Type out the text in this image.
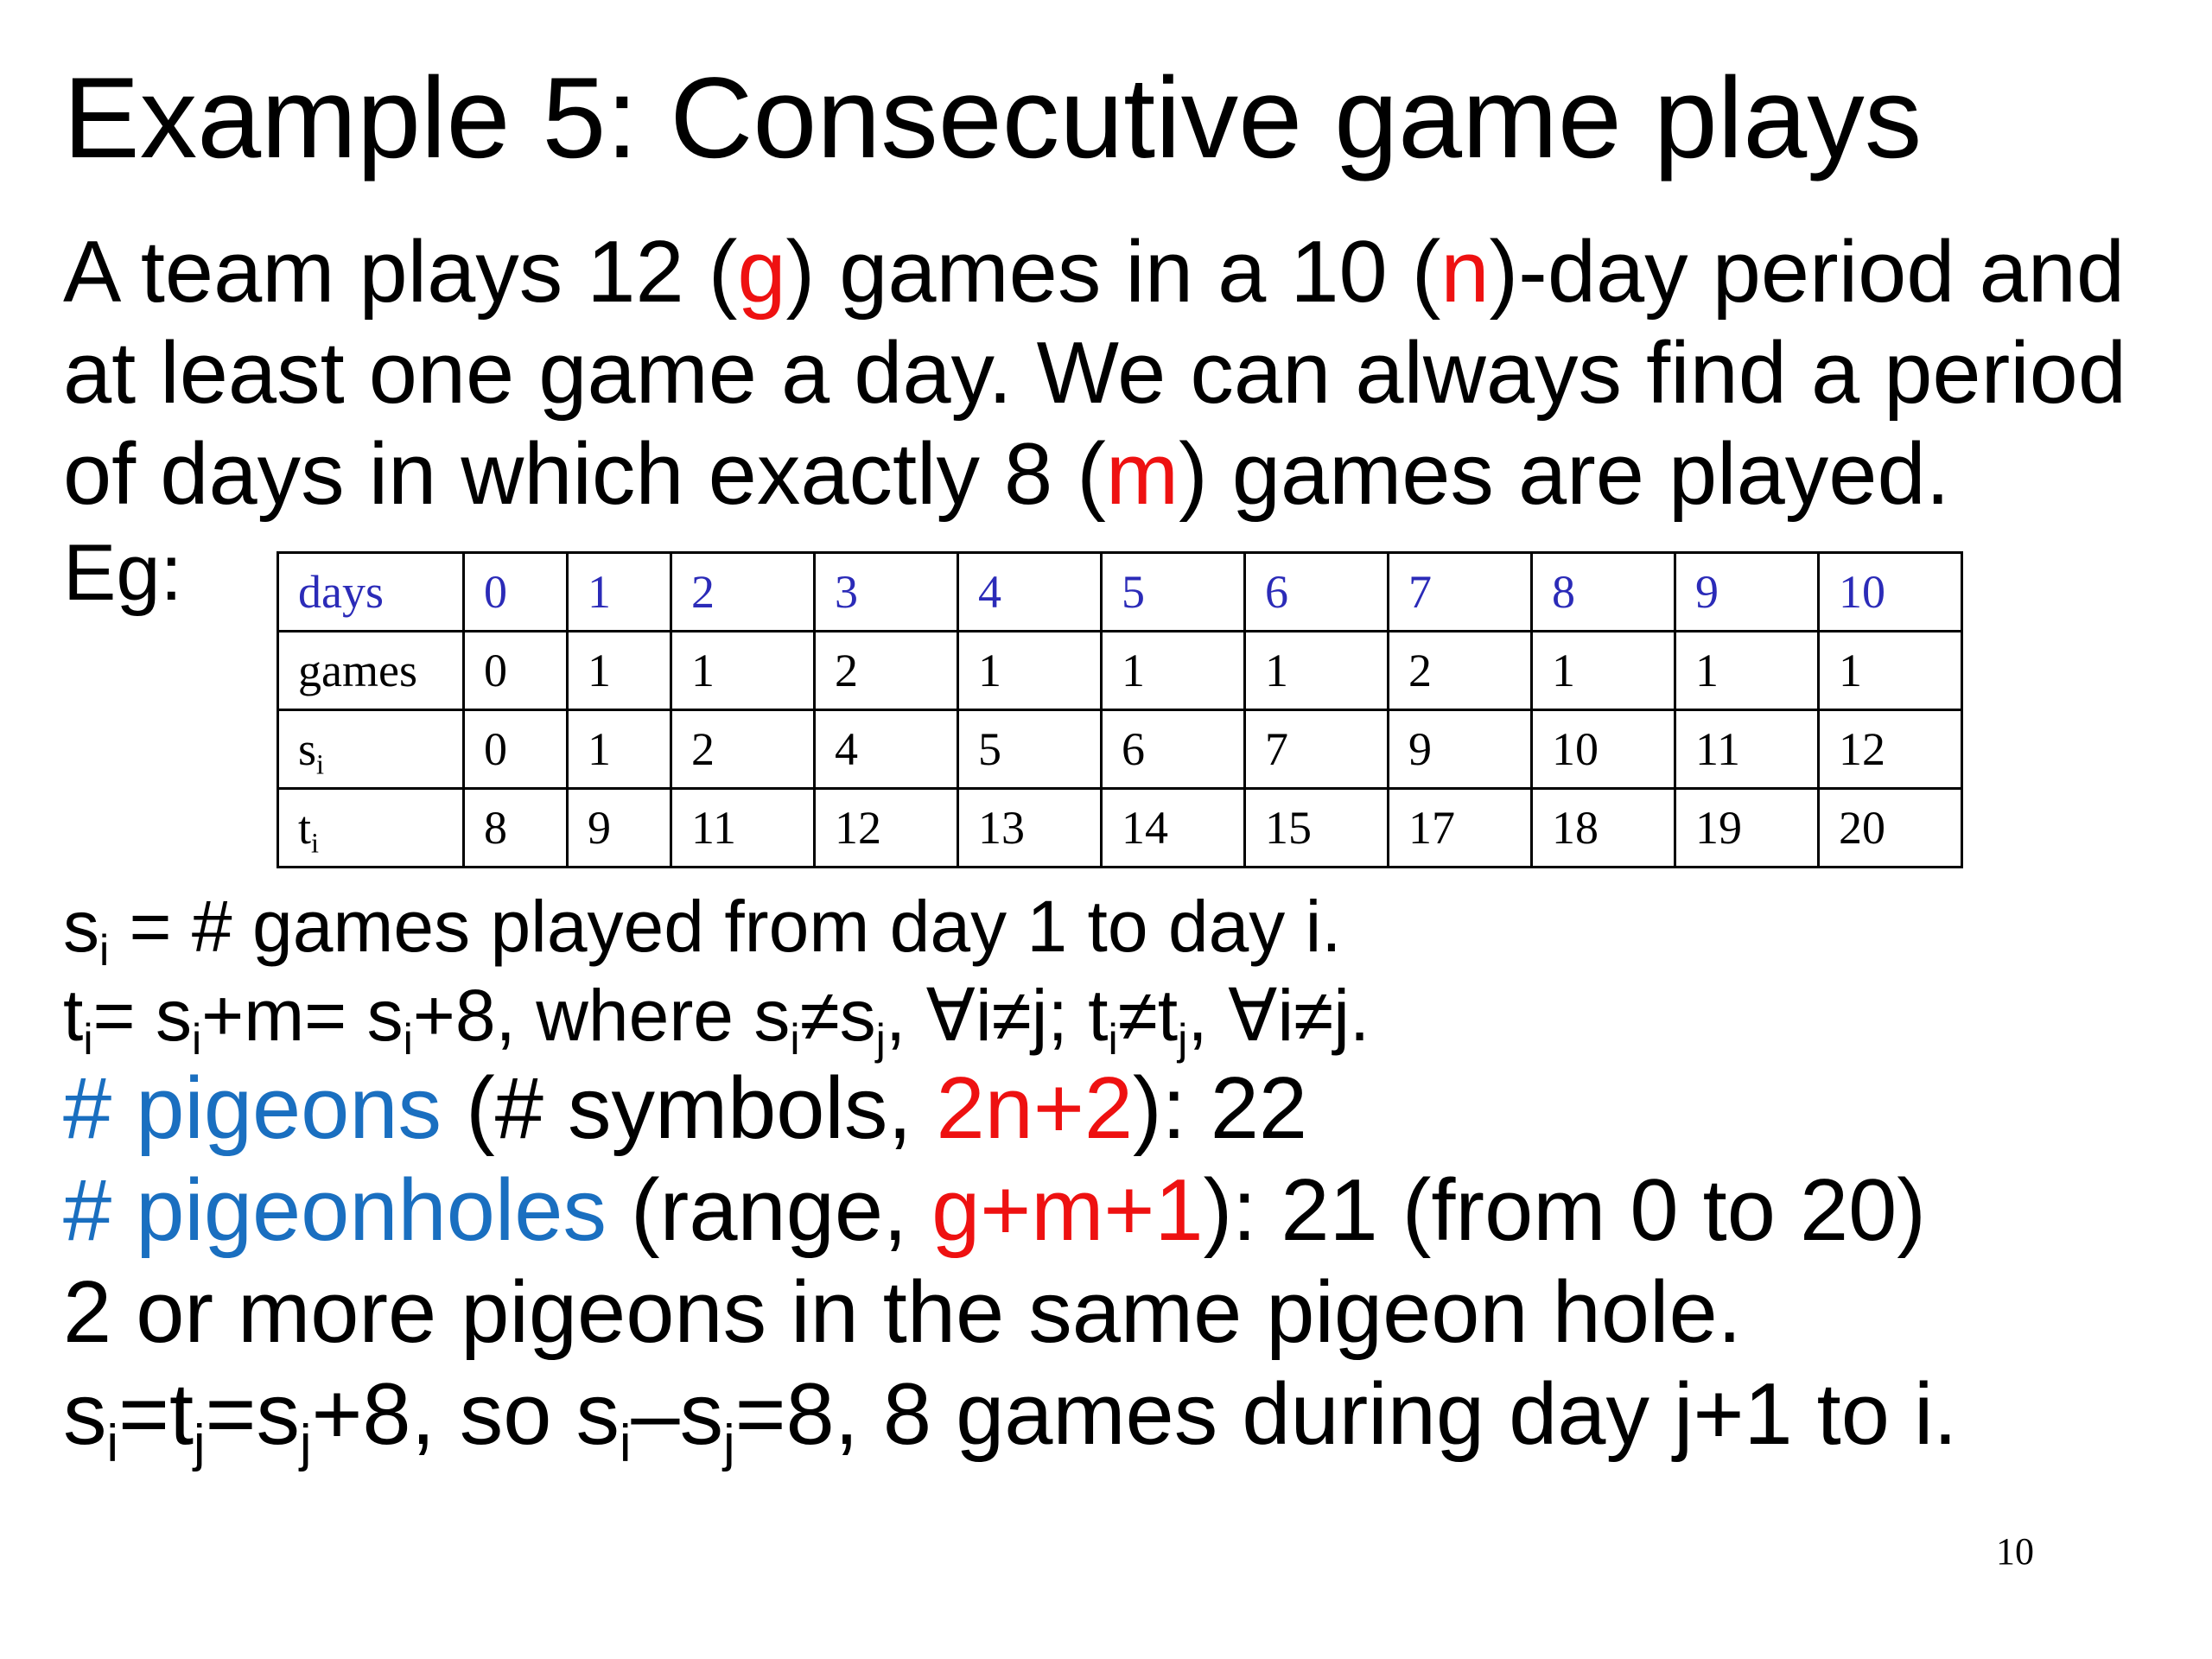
Example 5: Consecutive game plays
A team plays 12 (g) games in a 10 (n)-day period and
at least one game a day. We can always find a period
of days in which exactly 8 (m) games are played.
Eg: days	0	1	2	3	4	5	6	7	8	9	10
games	0	1	1	2	1	1	1	2	1	1	1
$s_i$	0	1	2	4	5	6	7	9	10	11	12
$t_i$	8	9	11	12	13	14	15	17	18	19	20
$s_i$ = # games played from day 1 to day i.
$t_i= s_i+m= s_i+8$, where $s_i\ne s_j$, ∀i≠j; $t_i\ne t_j$, ∀i≠j.
# pigeons (# symbols, 2n+2): 22
# pigeonholes (range, g+m+1): 21 (from 0 to 20)
2 or more pigeons in the same pigeon hole.
$s_i=t_j=s_j+8$, so $s_i-s_j=8$, 8 games during day j+1 to i.
10
